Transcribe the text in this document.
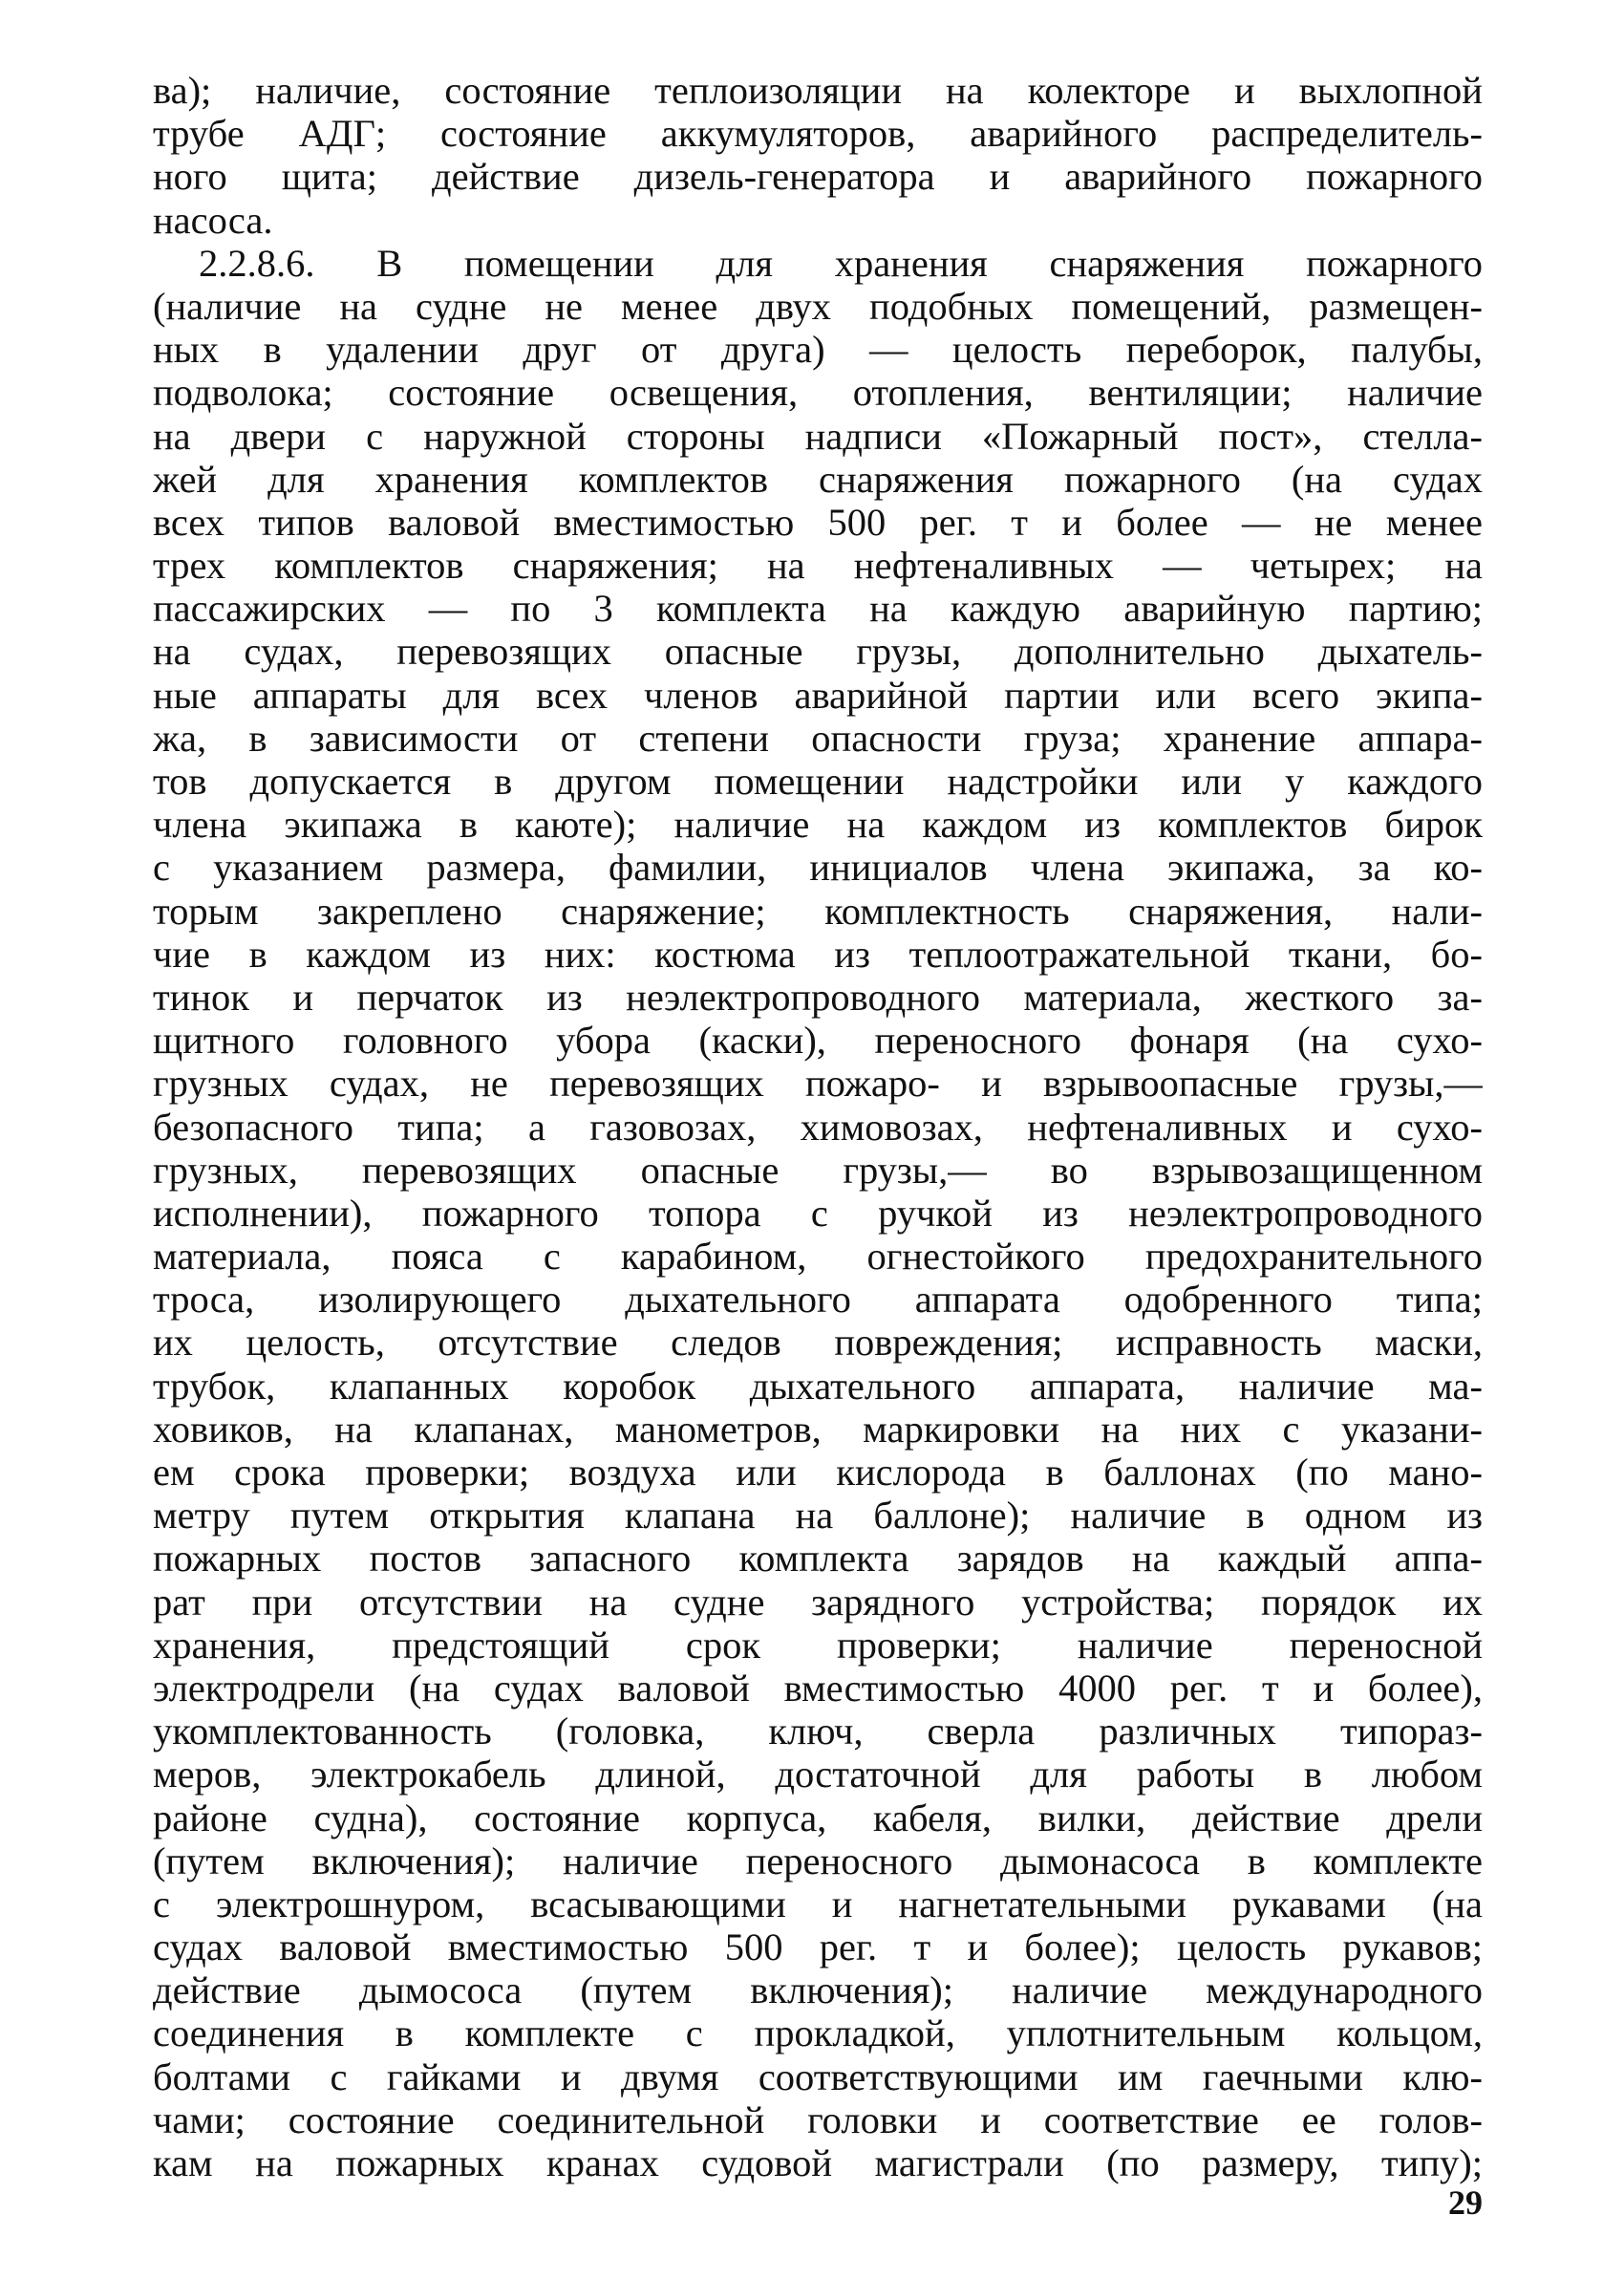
ва); наличие, состояние теплоизоляции на колекторе и выхлопной
трубе АДГ; состояние аккумуляторов, аварийного распределитель-
ного щита; действие дизель-генератора и аварийного пожарного
насоса.
2.2.8.6. В помещении для хранения снаряжения пожарного
(наличие на судне не менее двух подобных помещений, размещен-
ных в удалении друг от друга) — целость переборок, палубы,
подволока; состояние освещения, отопления, вентиляции; наличие
на двери с наружной стороны надписи «Пожарный пост», стелла-
жей для хранения комплектов снаряжения пожарного (на судах
всех типов валовой вместимостью 500 рег. т и более — не менее
трех комплектов снаряжения; на нефтеналивных — четырех; на
пассажирских — по 3 комплекта на каждую аварийную партию;
на судах, перевозящих опасные грузы, дополнительно дыхатель-
ные аппараты для всех членов аварийной партии или всего экипа-
жа, в зависимости от степени опасности груза; хранение аппара-
тов допускается в другом помещении надстройки или у каждого
члена экипажа в каюте); наличие на каждом из комплектов бирок
с указанием размера, фамилии, инициалов члена экипажа, за ко-
торым закреплено снаряжение; комплектность снаряжения, нали-
чие в каждом из них: костюма из теплоотражательной ткани, бо-
тинок и перчаток из неэлектропроводного материала, жесткого за-
щитного головного убора (каски), переносного фонаря (на сухо-
грузных судах, не перевозящих пожаро- и взрывоопасные грузы,—
безопасного типа; а газовозах, химовозах, нефтеналивных и сухо-
грузных, перевозящих опасные грузы,— во взрывозащищенном
исполнении), пожарного топора с ручкой из неэлектропроводного
материала, пояса с карабином, огнестойкого предохранительного
троса, изолирующего дыхательного аппарата одобренного типа;
их целость, отсутствие следов повреждения; исправность маски,
трубок, клапанных коробок дыхательного аппарата, наличие ма-
ховиков, на клапанах, манометров, маркировки на них с указани-
ем срока проверки; воздуха или кислорода в баллонах (по мано-
метру путем открытия клапана на баллоне); наличие в одном из
пожарных постов запасного комплекта зарядов на каждый аппа-
рат при отсутствии на судне зарядного устройства; порядок их
хранения, предстоящий срок проверки; наличие переносной
электродрели (на судах валовой вместимостью 4000 рег. т и более),
укомплектованность (головка, ключ, сверла различных типораз-
меров, электрокабель длиной, достаточной для работы в любом
районе судна), состояние корпуса, кабеля, вилки, действие дрели
(путем включения); наличие переносного дымонасоса в комплекте
с электрошнуром, всасывающими и нагнетательными рукавами (на
судах валовой вместимостью 500 рег. т и более); целость рукавов;
действие дымососа (путем включения); наличие международного
соединения в комплекте с прокладкой, уплотнительным кольцом,
болтами с гайками и двумя соответствующими им гаечными клю-
чами; состояние соединительной головки и соответствие ее голов-
кам на пожарных кранах судовой магистрали (по размеру, типу);
29
